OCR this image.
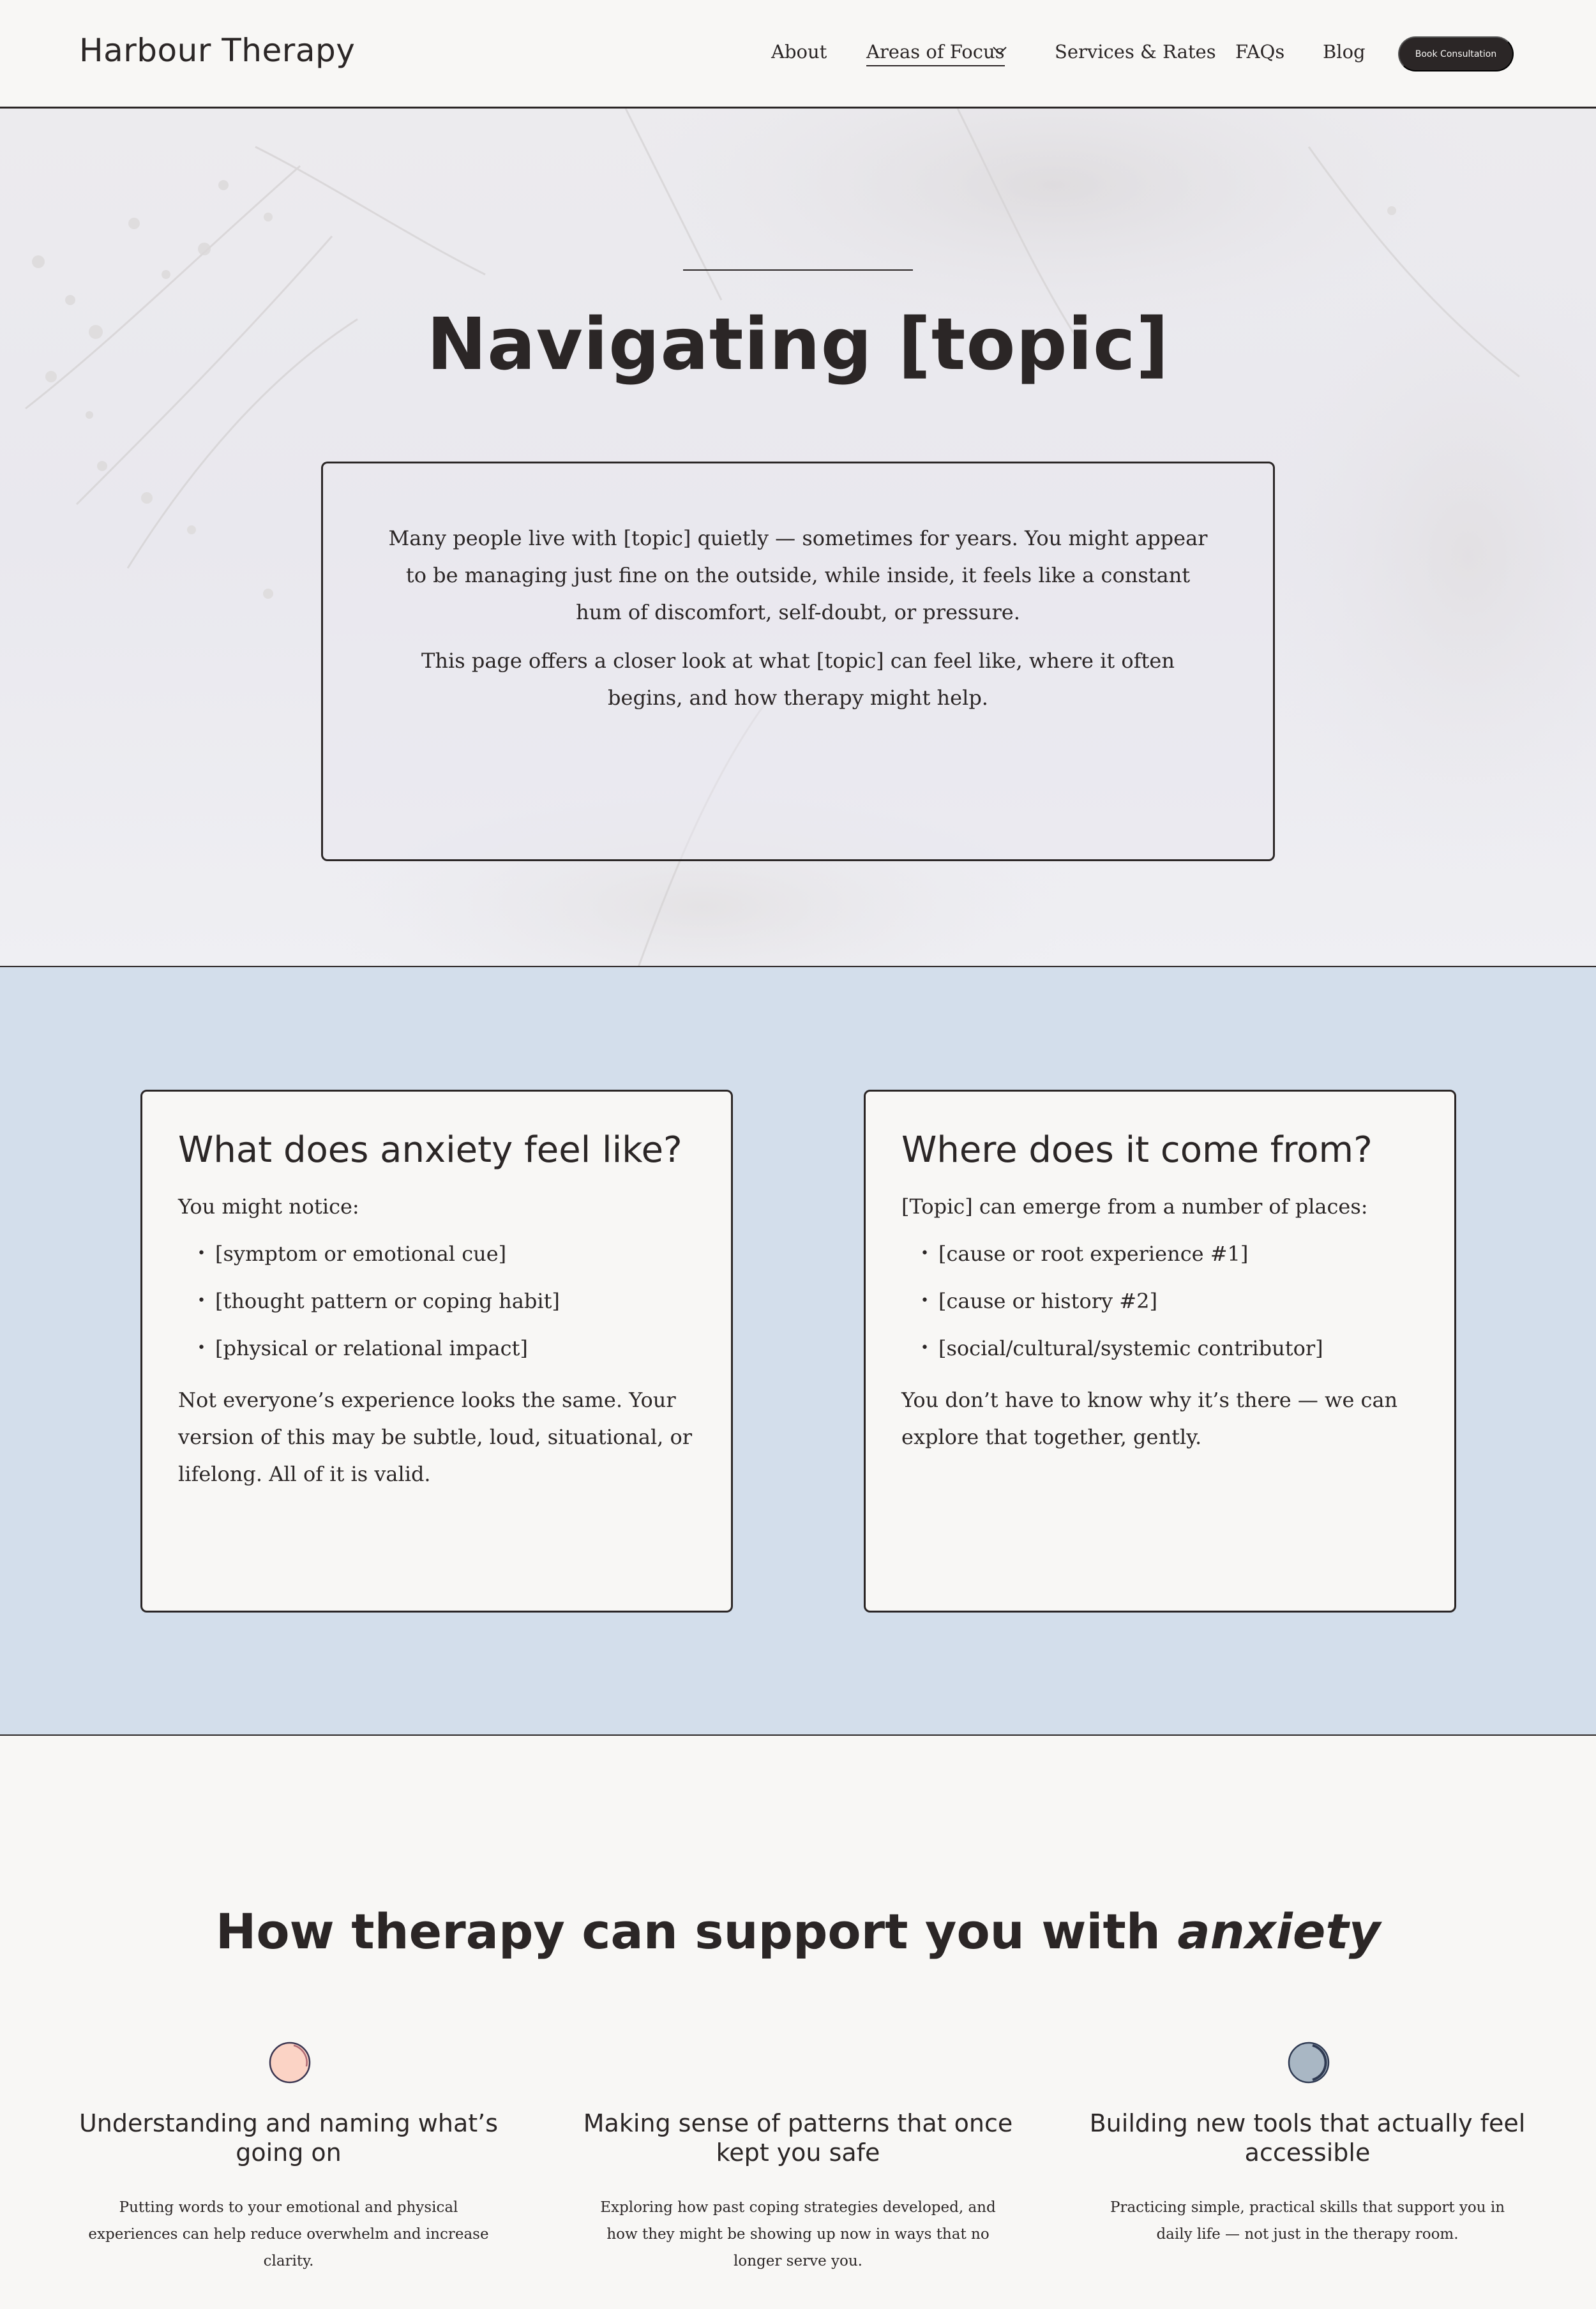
Harbour Therapy	About Areas of Focus	Services & Rates FAQs Blog	Book Consultation
Navigating [topic]

Many people live with [topic] quietly — sometimes for years. You might appear to be managing just fine on the outside, while inside, it feels like a constant hum of discomfort, self-doubt, or pressure.

This page offers a closer look at what [topic] can feel like, where it often begins, and how therapy might help.

What does anxiety feel like?

You might notice:

• [symptom or emotional cue]
• [thought pattern or coping habit]
• [physical or relational impact]

Not everyone’s experience looks the same. Your version of this may be subtle, loud, situational, or lifelong. All of it is valid.

Where does it come from?

[Topic] can emerge from a number of places:

• [cause or root experience #1]
• [cause or history #2]
• [social/cultural/systemic contributor]

You don’t have to know why it’s there — we can explore that together, gently.

How therapy can support you with anxiety
Understanding and naming what’s going on

Putting words to your emotional and physical experiences can help reduce overwhelm and increase clarity.

Making sense of patterns that once kept you safe

Exploring how past coping strategies developed, and how they might be showing up now in ways that no longer serve you.

Building new tools that actually feel accessible

Practicing simple, practical skills that support you in daily life — not just in the therapy room.
